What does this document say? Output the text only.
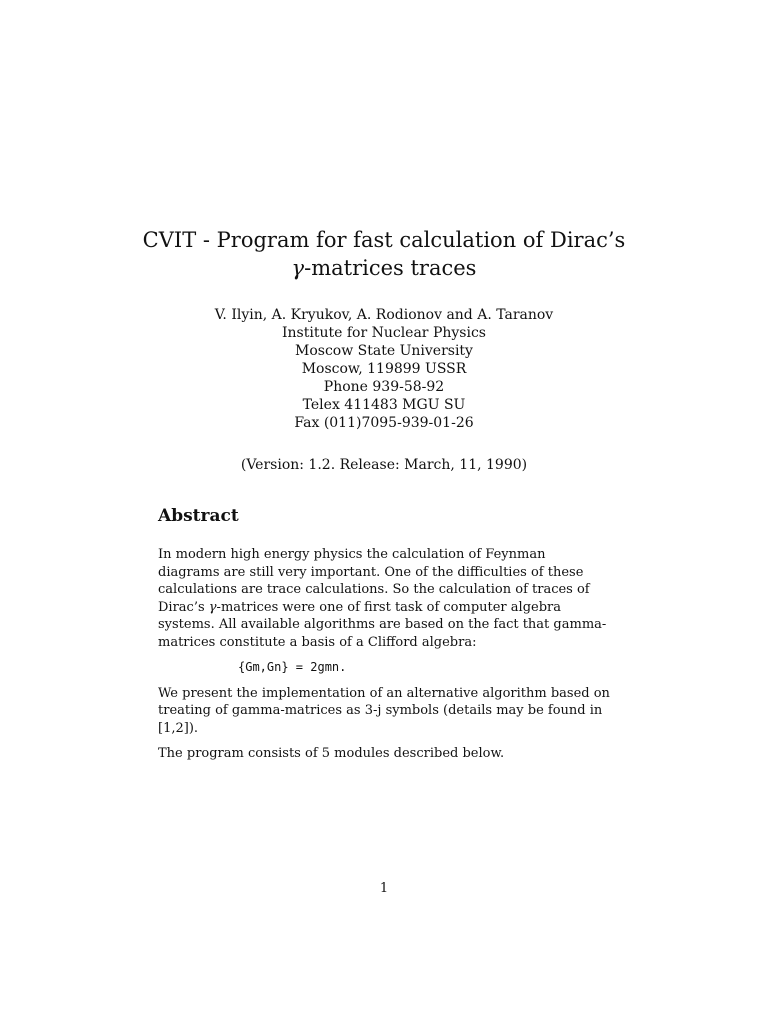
CVIT - Program for fast calculation of Dirac’s
γ-matrices traces
V. Ilyin, A. Kryukov, A. Rodionov and A. Taranov
Institute for Nuclear Physics
Moscow State University
Moscow, 119899 USSR
Phone 939-58-92
Telex 411483 MGU SU
Fax (011)7095-939-01-26
(Version: 1.2. Release: March, 11, 1990)
Abstract

In modern high energy physics the calculation of Feynman diagrams are still very important. One of the difficulties of these calculations are trace calculations. So the calculation of traces of Dirac’s γ-matrices were one of first task of computer algebra systems. All available algorithms are based on the fact that gamma-matrices constitute a basis of a Clifford algebra:

{Gm,Gn} = 2gmn.

We present the implementation of an alternative algorithm based on treating of gamma-matrices as 3-j symbols (details may be found in [1,2]).

The program consists of 5 modules described below.

1
